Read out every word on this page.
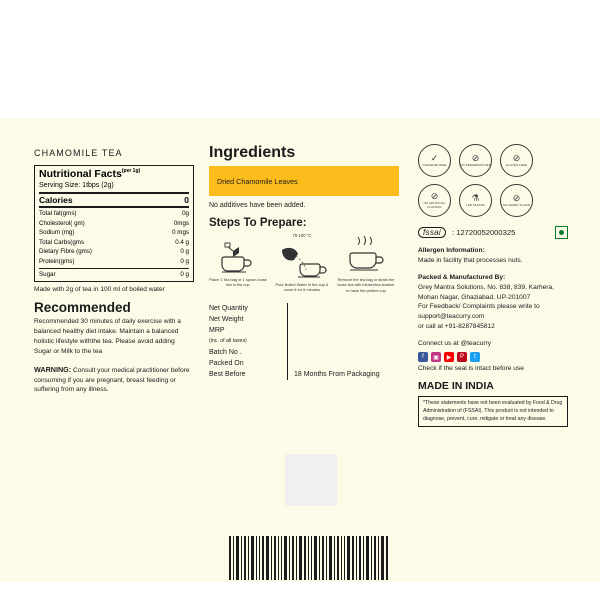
CHAMOMILE TEA
Nutritional Facts$^{(per 1g)}$
Serving Size: 1tbps (2g)
Calories	0
Total fat(gms)	0g
Cholesterol( gm)	0mgs
Sodium (mg)	0 mgs
Total Carbs(gms	0.4 g
Dietary Fibre (gms)	0 g
Protein(gms)	0 g
Sugar	0 g
Made with 2g of tea in 100 ml of boiled water
Recommended
Recommended 30 minutes of daily exercise with a balanced healthy diet intake. Maintain a balanced holistic lifestyle withthe tea. Please avoid adding Sugar or Milk to the tea
WARNING: Consult your medical practitioner before consuming if you are pregnant, breast feeding or suffering from any illness.
Ingredients
Dried Chamomile Leaves
No additives have been added.
Steps To Prepare:
Place 1 Tea bag or 1 spoon loose tea in the cup
70-100 °C
Pour Boiled Water in the cup & cover it for 5 minutes
Remove the tea bag or strain the loose tea with infuser/tea strainer to have the perfect cup
Net Quantity
Net Weight
MRP
(inc. of all taxes)
Batch No .
Packed On
Best Before	18 Months From Packaging
✓
CAFFEINE FREE
⊘
NO PRESERVATIVES
⊘
GLUTEN FREE
⊘
NO ARTIFICIAL FLAVOUR
⚗
LAB TESTED
⊘
NO ADDED SUGAR
fssai	: 12720052000325
Allergen Information:
Made in facility that processes nuts.
Packed & Manufactured By:
Grey Mantra Solutions, No. 838, 839, Karhera, Mohan Nagar, Ghaziabad, UP-201007
For Feedback/ Complaints please write to support@teacurry.com
or call at +91-8287845812
Connect us at @teacurry
f	▣	▶	P	t
Check if the seal is intact before use
MADE IN INDIA
*These statements have not been evaluated by Food & Drug Administration of (FSSAI). This product is not intended to diagnose, prevent, cure, mitigate or treat any disease.
